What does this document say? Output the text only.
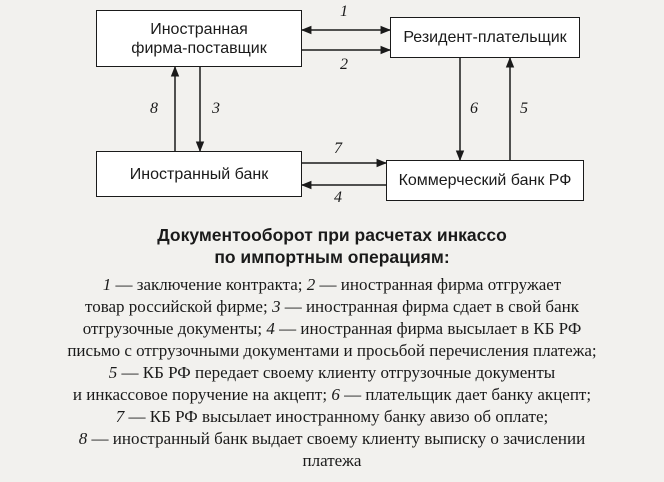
Иностранная
фирма-поставщик
Резидент-плательщик
Иностранный банк	Коммерческий банк РФ
1
2
3
8	6	5
7
4
Документооборот при расчетах инкассо
по импортным операциям:
1 — заключение контракта; 2 — иностранная фирма отгружает
товар российской фирме; 3 — иностранная фирма сдает в свой банк
отгрузочные документы; 4 — иностранная фирма высылает в КБ РФ
письмо с отгрузочными документами и просьбой перечисления платежа;
5 — КБ РФ передает своему клиенту отгрузочные документы
и инкассовое поручение на акцепт; 6 — плательщик дает банку акцепт;
7 — КБ РФ высылает иностранному банку авизо об оплате;
8 — иностранный банк выдает своему клиенту выписку о зачислении
платежа
